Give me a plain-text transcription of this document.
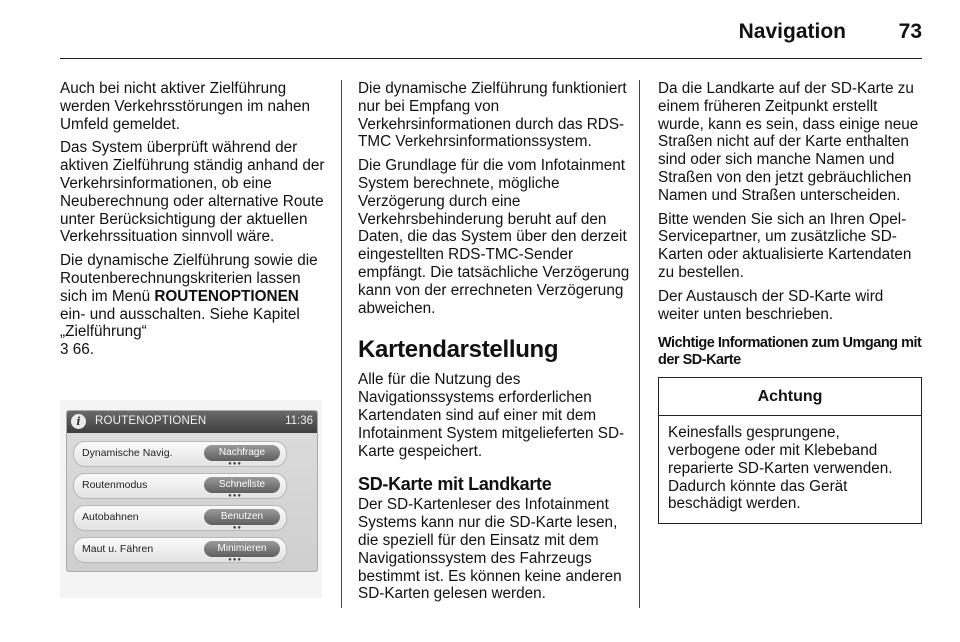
Navigation	73

Auch bei nicht aktiver Zielführung werden Verkehrsstörungen im nahen Umfeld gemeldet.

Das System überprüft während der aktiven Zielführung ständig anhand der Verkehrsinformationen, ob eine Neuberechnung oder alternative Route unter Berücksichtigung der aktuellen Verkehrssituation sinnvoll wäre.

Die dynamische Zielführung sowie die Routenberechnungskriterien lassen sich im Menü ROUTENOPTIONEN ein- und ausschalten. Siehe Kapitel „Zielführung“
3 66.

i	ROUTENOPTIONEN	11:36
Dynamische Navig.	Nachfrage
●●●
Routenmodus	Schnellste
●●●
Autobahnen	Benutzen
●●
Maut u. Fähren	Minimieren
●●●

Die dynamische Zielführung funktioniert nur bei Empfang von Verkehrsinformationen durch das RDS-TMC Verkehrsinformationssystem.

Die Grundlage für die vom Infotainment System berechnete, mögliche Verzögerung durch eine Verkehrsbehinderung beruht auf den Daten, die das System über den derzeit eingestellten RDS-TMC-Sender empfängt. Die tatsächliche Verzögerung kann von der errechneten Verzögerung abweichen.

Kartendarstellung

Alle für die Nutzung des Navigationssystems erforderlichen Kartendaten sind auf einer mit dem Infotainment System mitgelieferten SD-Karte gespeichert.

SD-Karte mit Landkarte

Der SD-Kartenleser des Infotainment Systems kann nur die SD-Karte lesen, die speziell für den Einsatz mit dem Navigationssystem des Fahrzeugs bestimmt ist. Es können keine anderen SD-Karten gelesen werden.

Da die Landkarte auf der SD-Karte zu einem früheren Zeitpunkt erstellt wurde, kann es sein, dass einige neue Straßen nicht auf der Karte enthalten sind oder sich manche Namen und Straßen von den jetzt gebräuchlichen Namen und Straßen unterscheiden.

Bitte wenden Sie sich an Ihren Opel-Servicepartner, um zusätzliche SD-Karten oder aktualisierte Kartendaten zu bestellen.

Der Austausch der SD-Karte wird weiter unten beschrieben.

Wichtige Informationen zum Umgang mit der SD-Karte
Achtung
Keinesfalls gesprungene, verbogene oder mit Klebeband reparierte SD-Karten verwenden. Dadurch könnte das Gerät beschädigt werden.
